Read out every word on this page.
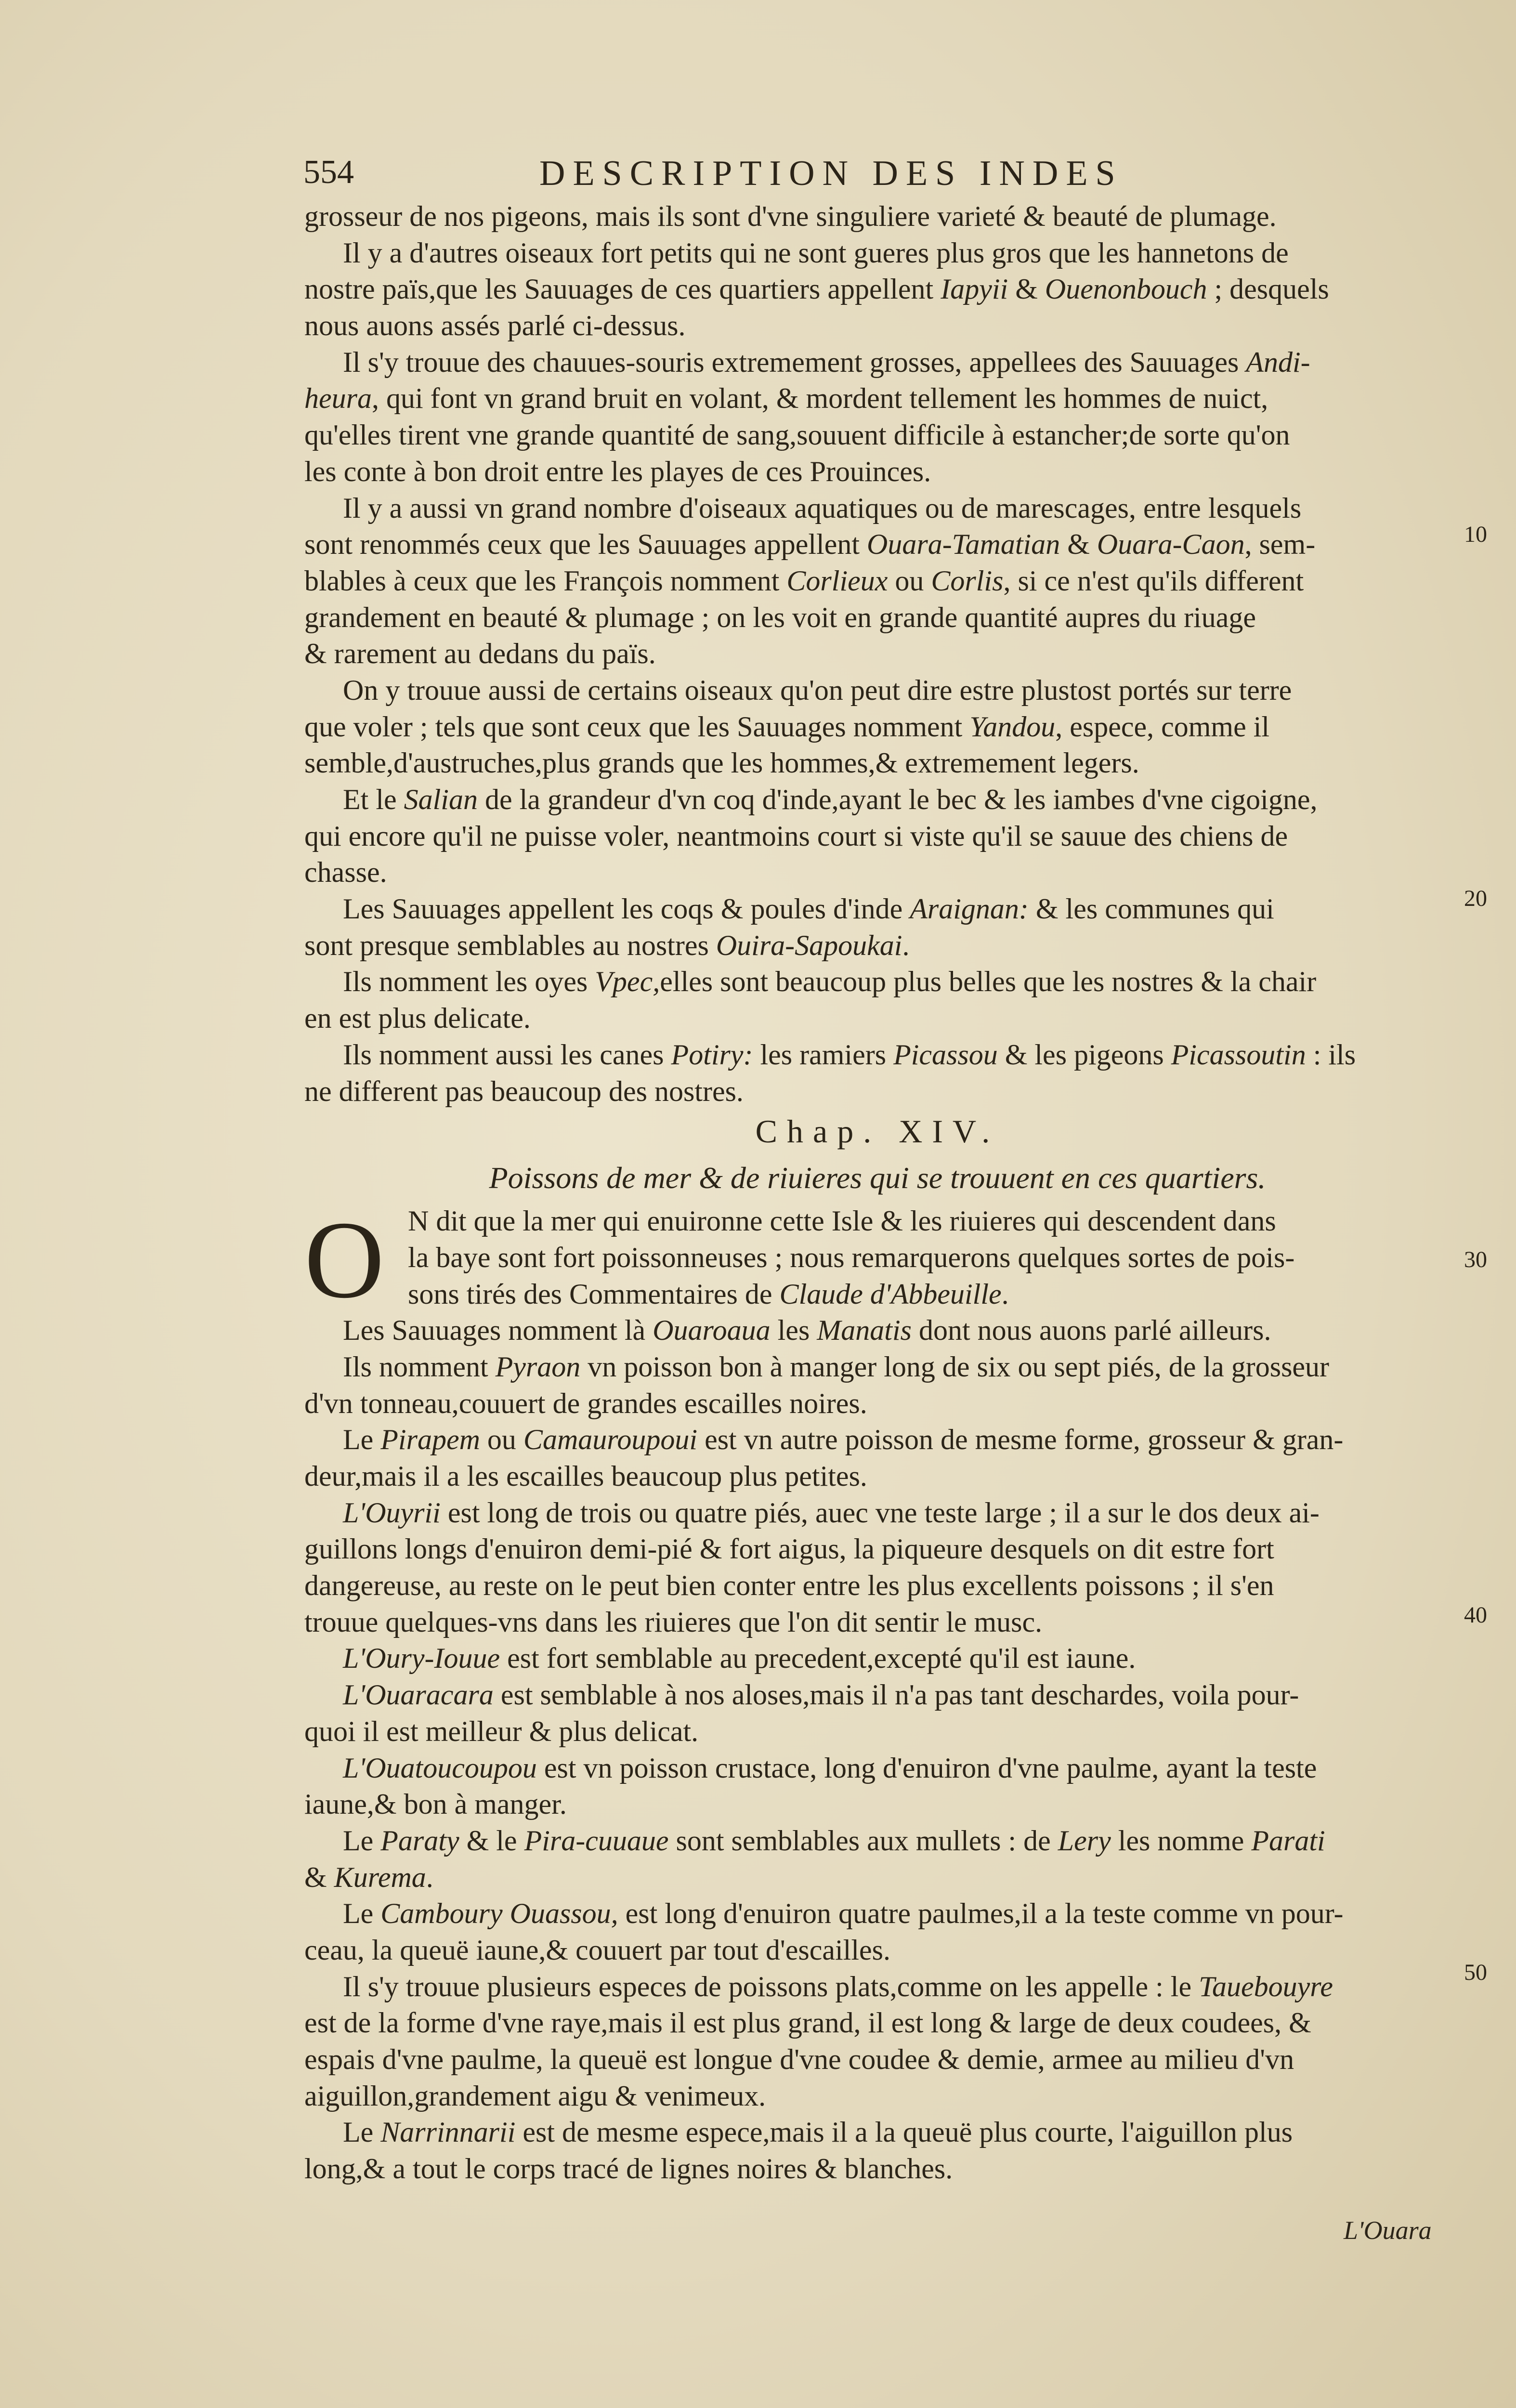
554	DESCRIPTION DES INDES
10
20
30
40
50
grosseur de nos pigeons, mais ils sont d'vne singuliere varieté & beauté de plumage.
Il y a d'autres oiseaux fort petits qui ne sont gueres plus gros que les hannetons de
nostre païs,que les Sauuages de ces quartiers appellent Iapyii & Ouenonbouch ; desquels
nous auons assés parlé ci-dessus.
Il s'y trouue des chauues-souris extremement grosses, appellees des Sauuages Andi-
heura, qui font vn grand bruit en volant, & mordent tellement les hommes de nuict,
qu'elles tirent vne grande quantité de sang,souuent difficile à estancher;de sorte qu'on
les conte à bon droit entre les playes de ces Prouinces.
Il y a aussi vn grand nombre d'oiseaux aquatiques ou de marescages, entre lesquels
sont renommés ceux que les Sauuages appellent Ouara-Tamatian & Ouara-Caon, sem-
blables à ceux que les François nomment Corlieux ou Corlis, si ce n'est qu'ils different
grandement en beauté & plumage ; on les voit en grande quantité aupres du riuage
& rarement au dedans du païs.
On y trouue aussi de certains oiseaux qu'on peut dire estre plustost portés sur terre
que voler ; tels que sont ceux que les Sauuages nomment Yandou, espece, comme il
semble,d'austruches,plus grands que les hommes,& extremement legers.
Et le Salian de la grandeur d'vn coq d'inde,ayant le bec & les iambes d'vne cigoigne,
qui encore qu'il ne puisse voler, neantmoins court si viste qu'il se sauue des chiens de
chasse.
Les Sauuages appellent les coqs & poules d'inde Araignan: & les communes qui
sont presque semblables au nostres Ouira-Sapoukai.
Ils nomment les oyes Vpec,elles sont beaucoup plus belles que les nostres & la chair
en est plus delicate.
Ils nomment aussi les canes Potiry: les ramiers Picassou & les pigeons Picassoutin : ils
ne different pas beaucoup des nostres.
Chap. XIV.
Poissons de mer & de riuieres qui se trouuent en ces quartiers.
O N dit que la mer qui enuironne cette Isle & les riuieres qui descendent dans
la baye sont fort poissonneuses ; nous remarquerons quelques sortes de pois-
sons tirés des Commentaires de Claude d'Abbeuille.
Les Sauuages nomment là Ouaroaua les Manatis dont nous auons parlé ailleurs.
Ils nomment Pyraon vn poisson bon à manger long de six ou sept piés, de la grosseur
d'vn tonneau,couuert de grandes escailles noires.
Le Pirapem ou Camauroupoui est vn autre poisson de mesme forme, grosseur & gran-
deur,mais il a les escailles beaucoup plus petites.
L'Ouyrii est long de trois ou quatre piés, auec vne teste large ; il a sur le dos deux ai-
guillons longs d'enuiron demi-pié & fort aigus, la piqueure desquels on dit estre fort
dangereuse, au reste on le peut bien conter entre les plus excellents poissons ; il s'en
trouue quelques-vns dans les riuieres que l'on dit sentir le musc.
L'Oury-Iouue est fort semblable au precedent,excepté qu'il est iaune.
L'Ouaracara est semblable à nos aloses,mais il n'a pas tant deschardes, voila pour-
quoi il est meilleur & plus delicat.
L'Ouatoucoupou est vn poisson crustace, long d'enuiron d'vne paulme, ayant la teste
iaune,& bon à manger.
Le Paraty & le Pira-cuuaue sont semblables aux mullets : de Lery les nomme Parati
& Kurema.
Le Camboury Ouassou, est long d'enuiron quatre paulmes,il a la teste comme vn pour-
ceau, la queuë iaune,& couuert par tout d'escailles.
Il s'y trouue plusieurs especes de poissons plats,comme on les appelle : le Tauebouyre
est de la forme d'vne raye,mais il est plus grand, il est long & large de deux coudees, &
espais d'vne paulme, la queuë est longue d'vne coudee & demie, armee au milieu d'vn
aiguillon,grandement aigu & venimeux.
Le Narrinnarii est de mesme espece,mais il a la queuë plus courte, l'aiguillon plus
long,& a tout le corps tracé de lignes noires & blanches.
L'Ouara
